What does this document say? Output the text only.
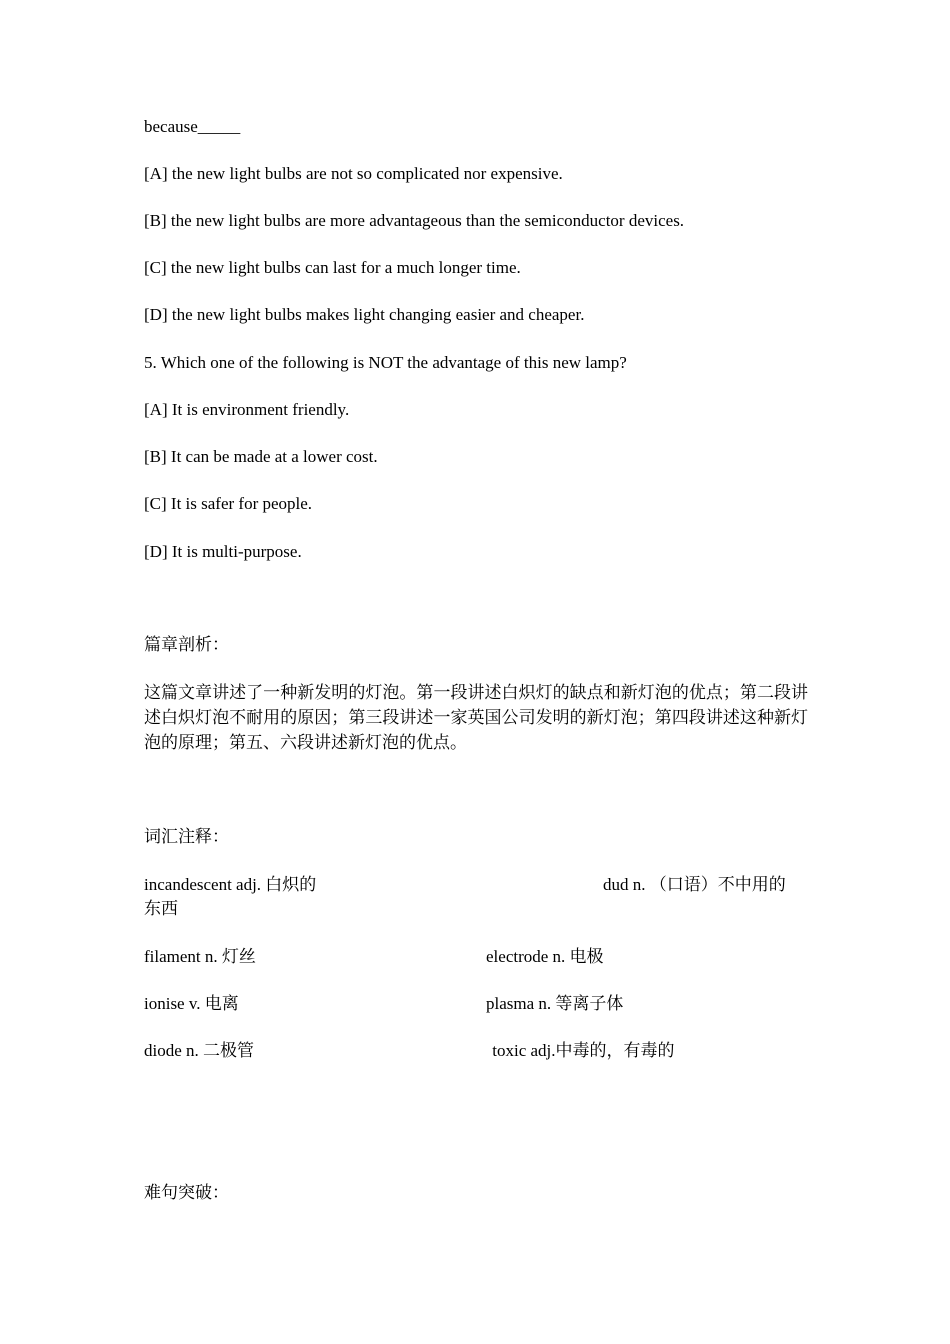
because_____
[A] the new light bulbs are not so complicated nor expensive.
[B] the new light bulbs are more advantageous than the semiconductor devices.
[C] the new light bulbs can last for a much longer time.
[D] the new light bulbs makes light changing easier and cheaper.
5. Which one of the following is NOT the advantage of this new lamp?
[A] It is environment friendly.
[B] It can be made at a lower cost.
[C] It is safer for people.
[D] It is multi-purpose.
篇章剖析：
这篇文章讲述了一种新发明的灯泡。第一段讲述白炽灯的缺点和新灯泡的优点；第二段讲述白炽灯泡不耐用的原因；第三段讲述一家英国公司发明的新灯泡；第四段讲述这种新灯泡的原理；第五、六段讲述新灯泡的优点。
词汇注释：
incandescent adj. 白炽的	dud n. （口语）不中用的
东西
filament n. 灯丝	electrode n. 电极
ionise v. 电离	plasma n. 等离子体
diode n. 二极管	toxic adj.中毒的，有毒的
难句突破：
